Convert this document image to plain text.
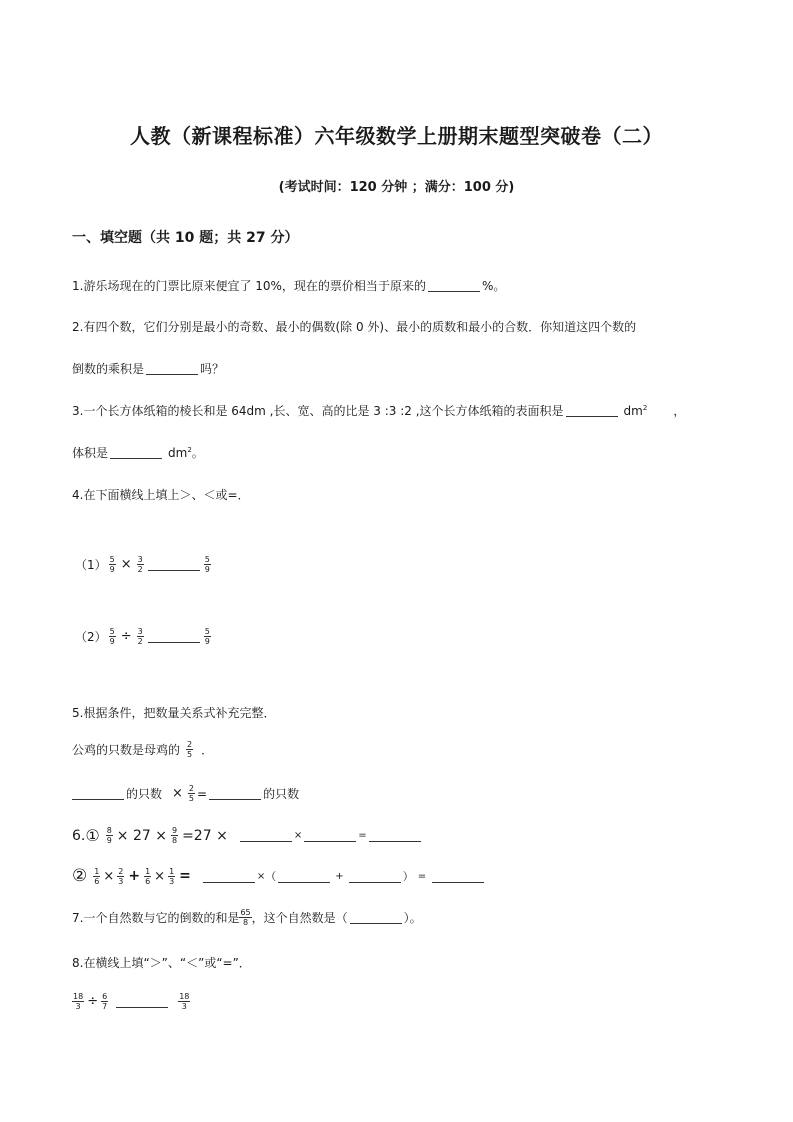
人教（新课程标准）六年级数学上册期末题型突破卷（二）
(考试时间：120 分钟 ；满分：100 分)
一、填空题（共 10 题；共 27 分）
1.游乐场现在的门票比原来便宜了 10%，现在的票价相当于原来的	%。
2.有四个数，它们分别是最小的奇数、最小的偶数(除 0 外)、最小的质数和最小的合数．你知道这四个数的
倒数的乘积是	吗？
3.一个长方体纸箱的棱长和是 64dm ,长、宽、高的比是 3 :3 :2 ,这个长方体纸箱的表面积是	$dm^2$ ，
体积是	$dm^2$ 。
4.在下面横线上填上＞、＜或=．
$(1) \frac{5}{9} \times \frac{3}{2}$	$\frac{5}{9}$
$(2) \frac{5}{9} \div \frac{3}{2}$	$\frac{5}{9}$
5.根据条件，把数量关系式补充完整．
公鸡的只数是母鸡的 $\frac{2}{5}$ ．
的只数 × $\frac{2}{5}$ =	的只数
6. ① $\frac{8}{9} \times 27 \times \frac{9}{8} =27$ ×	×	=
② $\frac{1}{6} \times \frac{2}{3} + \frac{1}{6} \times \frac{1}{3}$ =	× （	+	） =
7.一个自然数与它的倒数的和是 $\frac{65}{8}$ ，这个自然数是（	）。
8.在横线上填“＞”、“＜”或“=”．
$\frac{18}{3} \div \frac{6}{7}$	$\frac{18}{3}$
